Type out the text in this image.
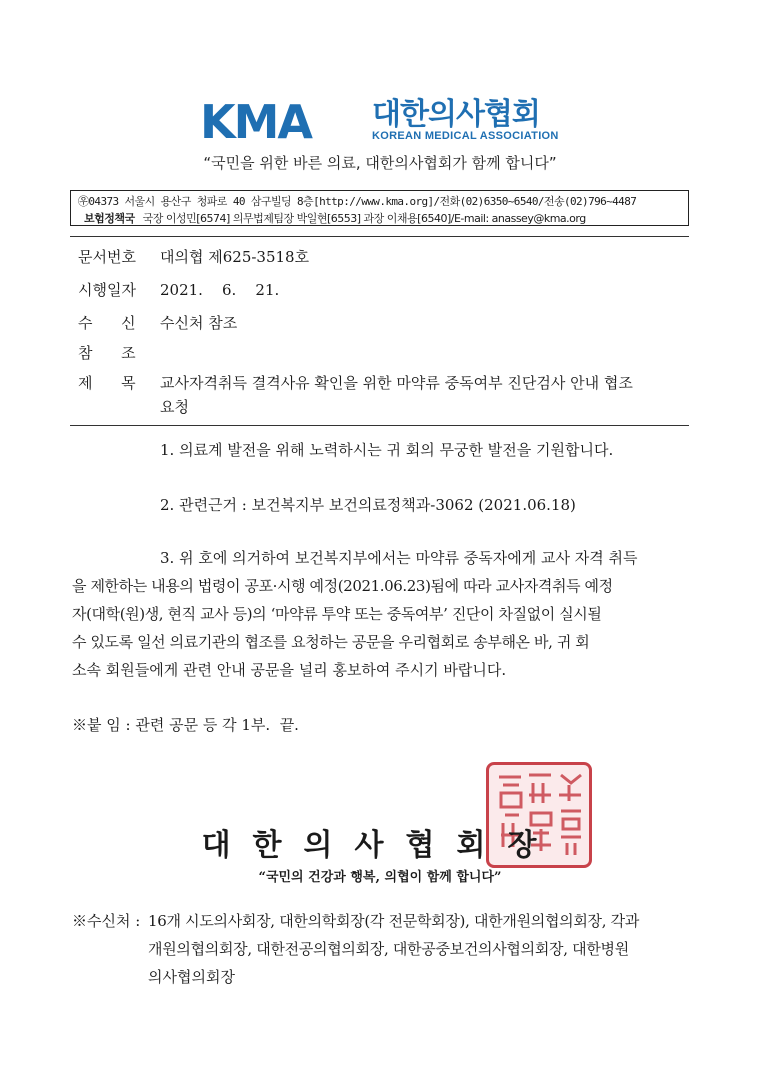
KMA 대한의사협회
KOREAN MEDICAL ASSOCIATION
“국민을 위한 바른 의료, 대한의사협회가 함께 합니다”
㉾04373 서울시 용산구 청파로 40 삼구빌딩 8층[http://www.kma.org]/전화(02)6350~6540/전송(02)796~4487
보험정책국 국장 이성민[6574] 의무법제팀장 박일현[6553] 과장 이채용[6540]/E-mail: anassey@kma.org
문서번호 대의협 제625-3518호
시행일자 2021.    6.    21.
수      신 수신처 참조
참      조
제      목 교사자격취득 결격사유 확인을 위한 마약류 중독여부 진단검사 안내 협조
요청
1. 의료계 발전을 위해 노력하시는 귀 회의 무궁한 발전을 기원합니다.
2. 관련근거 : 보건복지부 보건의료정책과-3062 (2021.06.18)
3. 위 호에 의거하여 보건복지부에서는 마약류 중독자에게 교사 자격 취득
을 제한하는 내용의 법령이 공포·시행 예정(2021.06.23)됨에 따라 교사자격취득 예정
자(대학(원)생, 현직 교사 등)의 ‘마약류 투약 또는 중독여부’ 진단이 차질없이 실시될
수 있도록 일선 의료기관의 협조를 요청하는 공문을 우리협회로 송부해온 바, 귀 회
소속 회원들에게 관련 안내 공문을 널리 홍보하여 주시기 바랍니다.
※붙 임 : 관련 공문 등 각 1부.  끝.
대한의사협회장
“국민의 건강과 행복, 의협이 함께 합니다”
※수신처 : 16개 시도의사회장, 대한의학회장(각 전문학회장), 대한개원의협의회장, 각과
개원의협의회장, 대한전공의협의회장, 대한공중보건의사협의회장, 대한병원
의사협의회장
